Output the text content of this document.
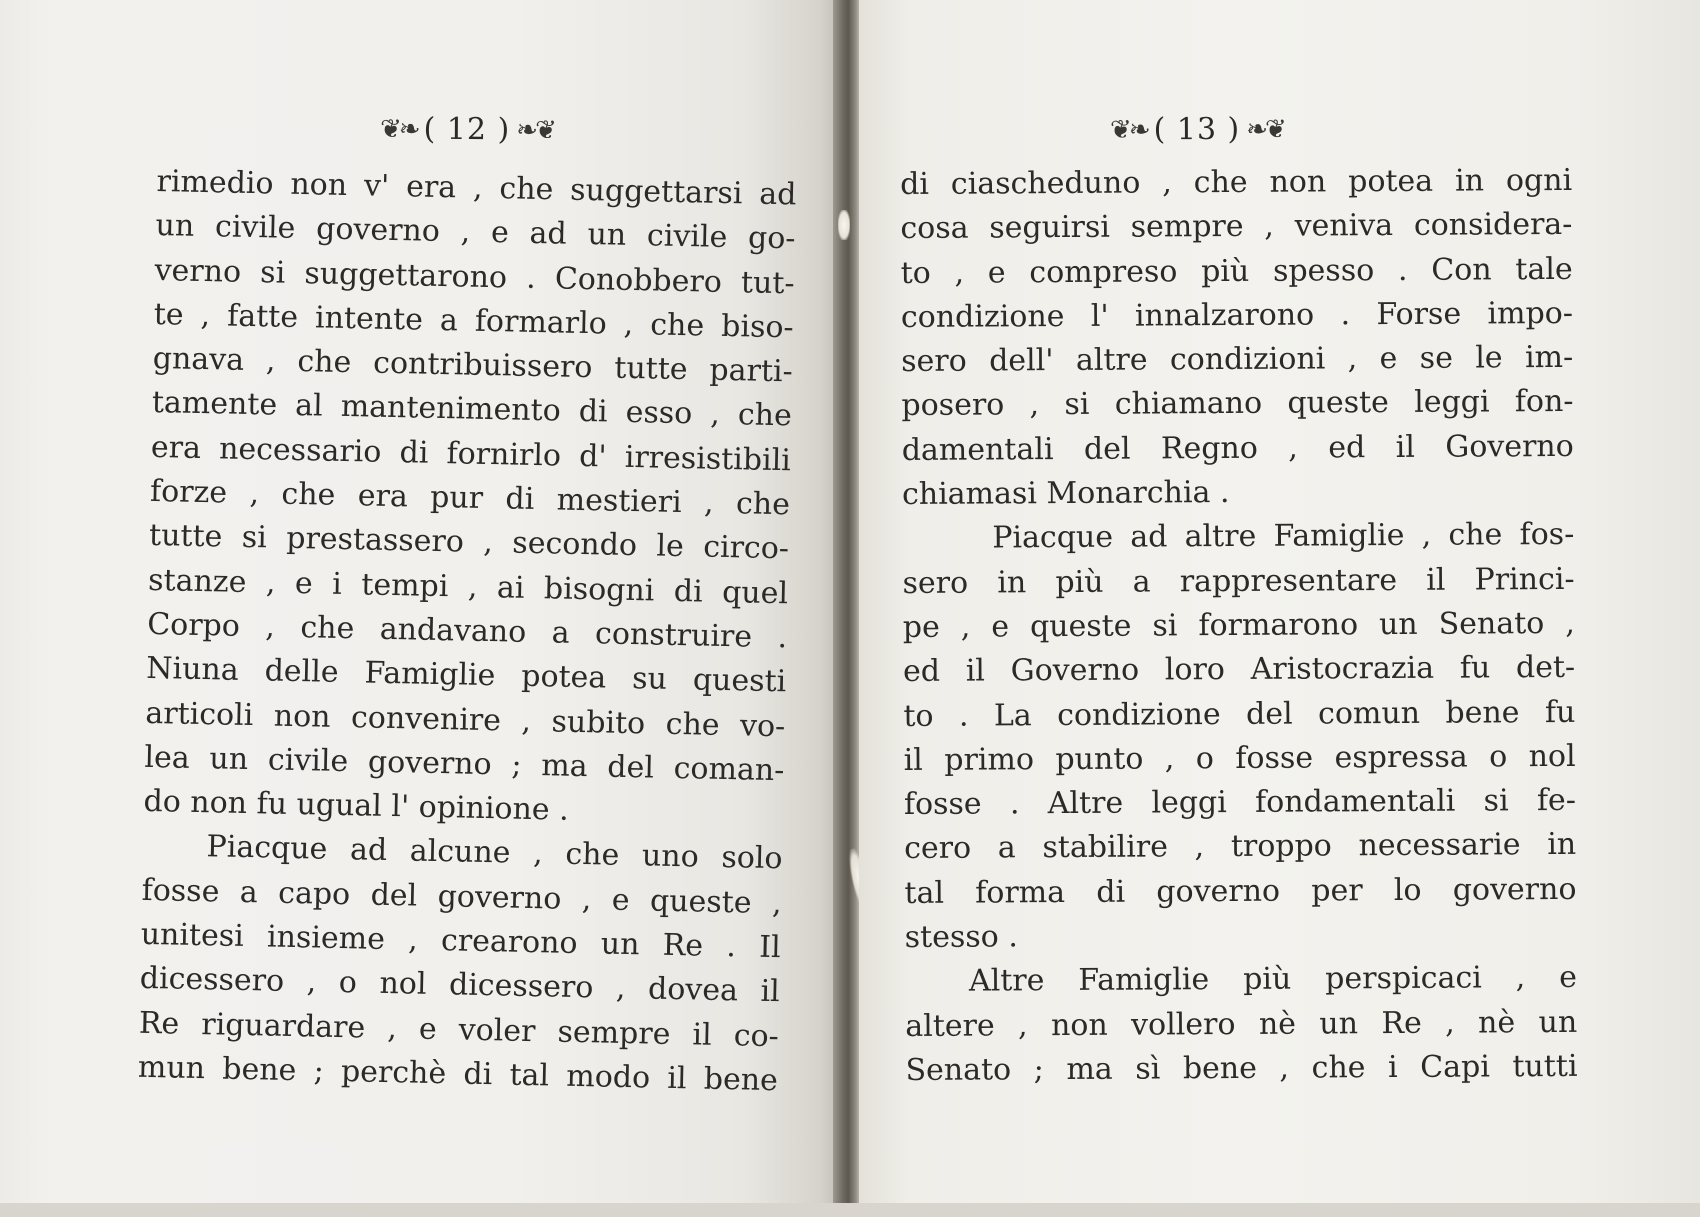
❦❧ ( 12 ) ❧❦
rimedio non v' era , che suggettarsi ad
un civile governo , e ad un civile go-
verno si suggettarono . Conobbero tut-
te , fatte intente a formarlo , che biso-
gnava , che contribuissero tutte parti-
tamente al mantenimento di esso , che
era necessario di fornirlo d' irresistibili
forze , che era pur di mestieri , che
tutte si prestassero , secondo le circo-
stanze , e i tempi , ai bisogni di quel
Corpo , che andavano a construire .
Niuna delle Famiglie potea su questi
articoli non convenire , subito che vo-
lea un civile governo ; ma del coman-
do non fu ugual l' opinione .
Piacque ad alcune , che uno solo
fosse a capo del governo , e queste ,
unitesi insieme , crearono un Re . Il
dicessero , o nol dicessero , dovea il
Re riguardare , e voler sempre il co-
mun bene ; perchè di tal modo il bene
❦❧ ( 13 ) ❧❦
di ciascheduno , che non potea in ogni
cosa seguirsi sempre , veniva considera-
to , e compreso più spesso . Con tale
condizione l' innalzarono . Forse impo-
sero dell' altre condizioni , e se le im-
posero , si chiamano queste leggi fon-
damentali del Regno , ed il Governo
chiamasi Monarchia .
Piacque ad altre Famiglie , che fos-
sero in più a rappresentare il Princi-
pe , e queste si formarono un Senato ,
ed il Governo loro Aristocrazia fu det-
to . La condizione del comun bene fu
il primo punto , o fosse espressa o nol
fosse . Altre leggi fondamentali si fe-
cero a stabilire , troppo necessarie in
tal forma di governo per lo governo
stesso .
Altre Famiglie più perspicaci , e
altere , non vollero nè un Re , nè un
Senato ; ma sì bene , che i Capi tutti
